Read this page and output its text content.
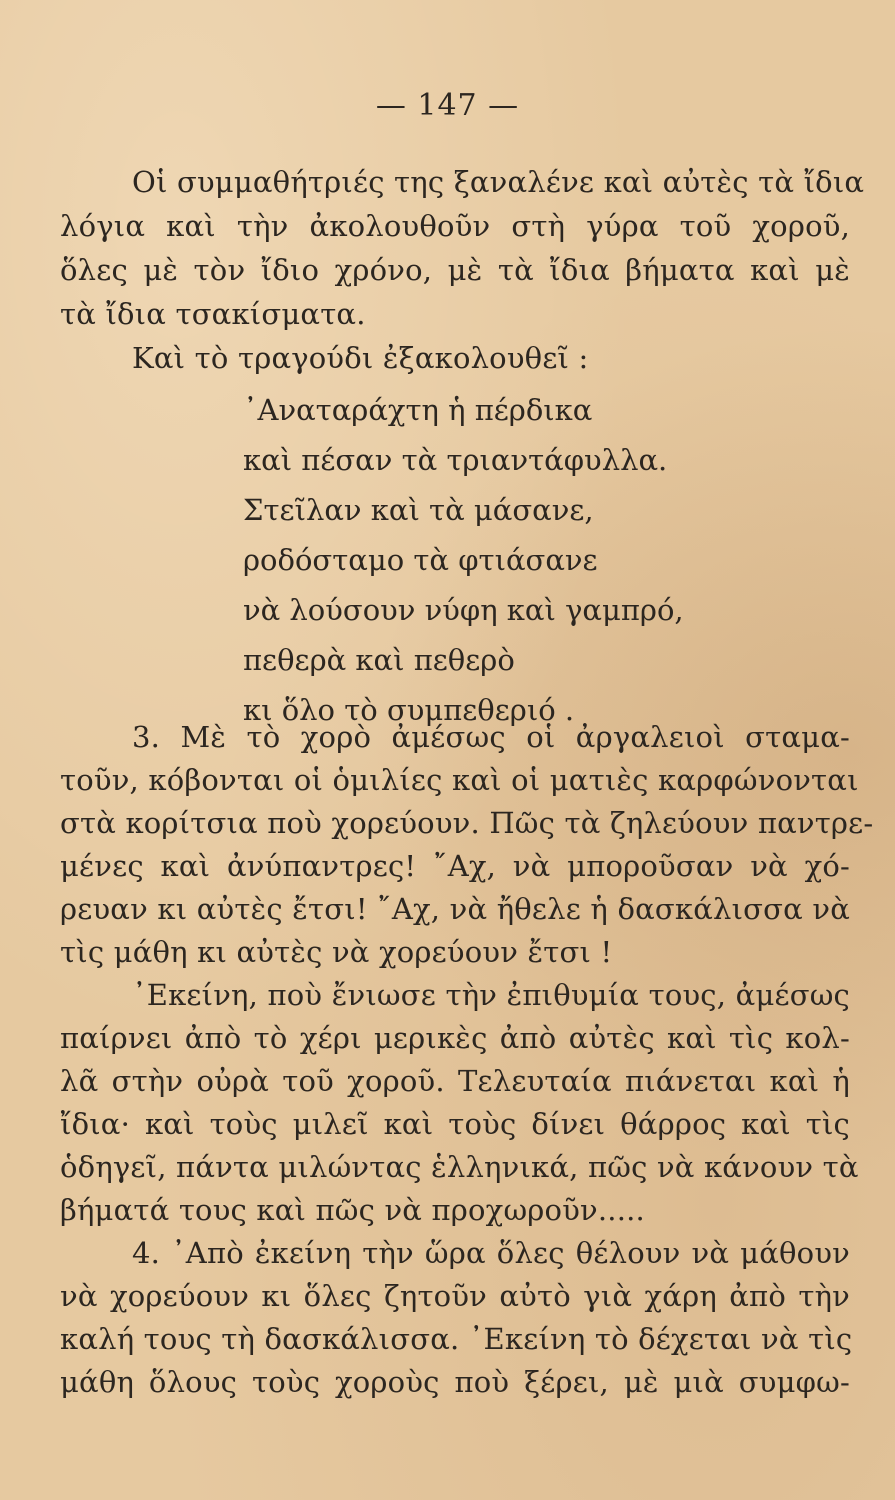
— 147 —
Οἱ συμμαθήτριές της ξαναλένε καὶ αὐτὲς τὰ ἴδια
λόγια καὶ τὴν ἀκολουθοῦν στὴ γύρα τοῦ χοροῦ,
ὅλες μὲ τὸν ἴδιο χρόνο, μὲ τὰ ἴδια βήματα καὶ μὲ
τὰ ἴδια τσακίσματα.
Καὶ τὸ τραγούδι ἐξακολουθεῖ :
᾿Αναταράχτη ἡ πέρδικα
καὶ πέσαν τὰ τριαντάφυλλα.
Στεῖλαν καὶ τὰ μάσανε,
ροδόσταμο τὰ φτιάσανε
νὰ λούσουν νύφη καὶ γαμπρό,
πεθερὰ καὶ πεθερὸ
κι ὅλο τὸ συμπεθεριό .
3. Μὲ τὸ χορὸ ἀμέσως οἱ ἀργαλειοὶ σταμα-
τοῦν, κόβονται οἱ ὁμιλίες καὶ οἱ ματιὲς καρφώνονται
στὰ κορίτσια ποὺ χορεύουν. Πῶς τὰ ζηλεύουν παντρε-
μένες καὶ ἀνύπαντρες! ῎Αχ, νὰ μποροῦσαν νὰ χό-
ρευαν κι αὐτὲς ἔτσι! ῎Αχ, νὰ ἤθελε ἡ δασκάλισσα νὰ
τὶς μάθη κι αὐτὲς νὰ χορεύουν ἔτσι !
᾿Εκείνη, ποὺ ἔνιωσε τὴν ἐπιθυμία τους, ἀμέσως
παίρνει ἀπὸ τὸ χέρι μερικὲς ἀπὸ αὐτὲς καὶ τὶς κολ-
λᾶ στὴν οὐρὰ τοῦ χοροῦ. Τελευταία πιάνεται καὶ ἡ
ἴδια· καὶ τοὺς μιλεῖ καὶ τοὺς δίνει θάρρος καὶ τὶς
ὁδηγεῖ, πάντα μιλώντας ἑλληνικά, πῶς νὰ κάνουν τὰ
βήματά τους καὶ πῶς νὰ προχωροῦν.....
4. ᾿Απὸ ἐκείνη τὴν ὥρα ὅλες θέλουν νὰ μάθουν
νὰ χορεύουν κι ὅλες ζητοῦν αὐτὸ γιὰ χάρη ἀπὸ τὴν
καλή τους τὴ δασκάλισσα. ᾿Εκείνη τὸ δέχεται νὰ τὶς
μάθη ὅλους τοὺς χοροὺς ποὺ ξέρει, μὲ μιὰ συμφω-
